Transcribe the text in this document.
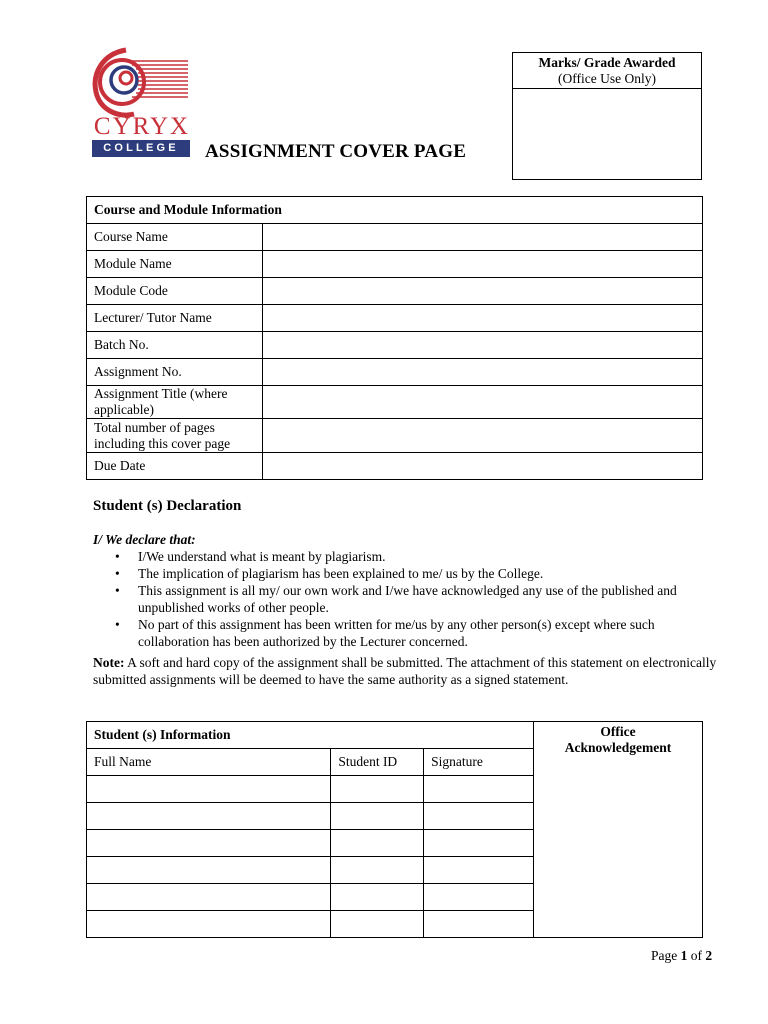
CYRYX
COLLEGE	ASSIGNMENT COVER PAGE
Marks/ Grade Awarded
(Office Use Only)
Course and Module Information	
Course Name	
Module Name	
Module Code	
Lecturer/ Tutor Name	
Batch No.	
Assignment No.	
Assignment Title (where applicable)	
Total number of pages including this cover page	
Due Date	
Student (s) Declaration
I/ We declare that:
• I/We understand what is meant by plagiarism.
• The implication of plagiarism has been explained to me/ us by the College.
• This assignment is all my/ our own work and I/we have acknowledged any use of the published and unpublished works of other people.
• No part of this assignment has been written for me/us by any other person(s) except where such collaboration has been authorized by the Lecturer concerned.
Note: A soft and hard copy of the assignment shall be submitted. The attachment of this statement on electronically submitted assignments will be deemed to have the same authority as a signed statement.
Student (s) Information			Office Acknowledgement

Full Name	Student ID	Signature	

Page 1 of 2
